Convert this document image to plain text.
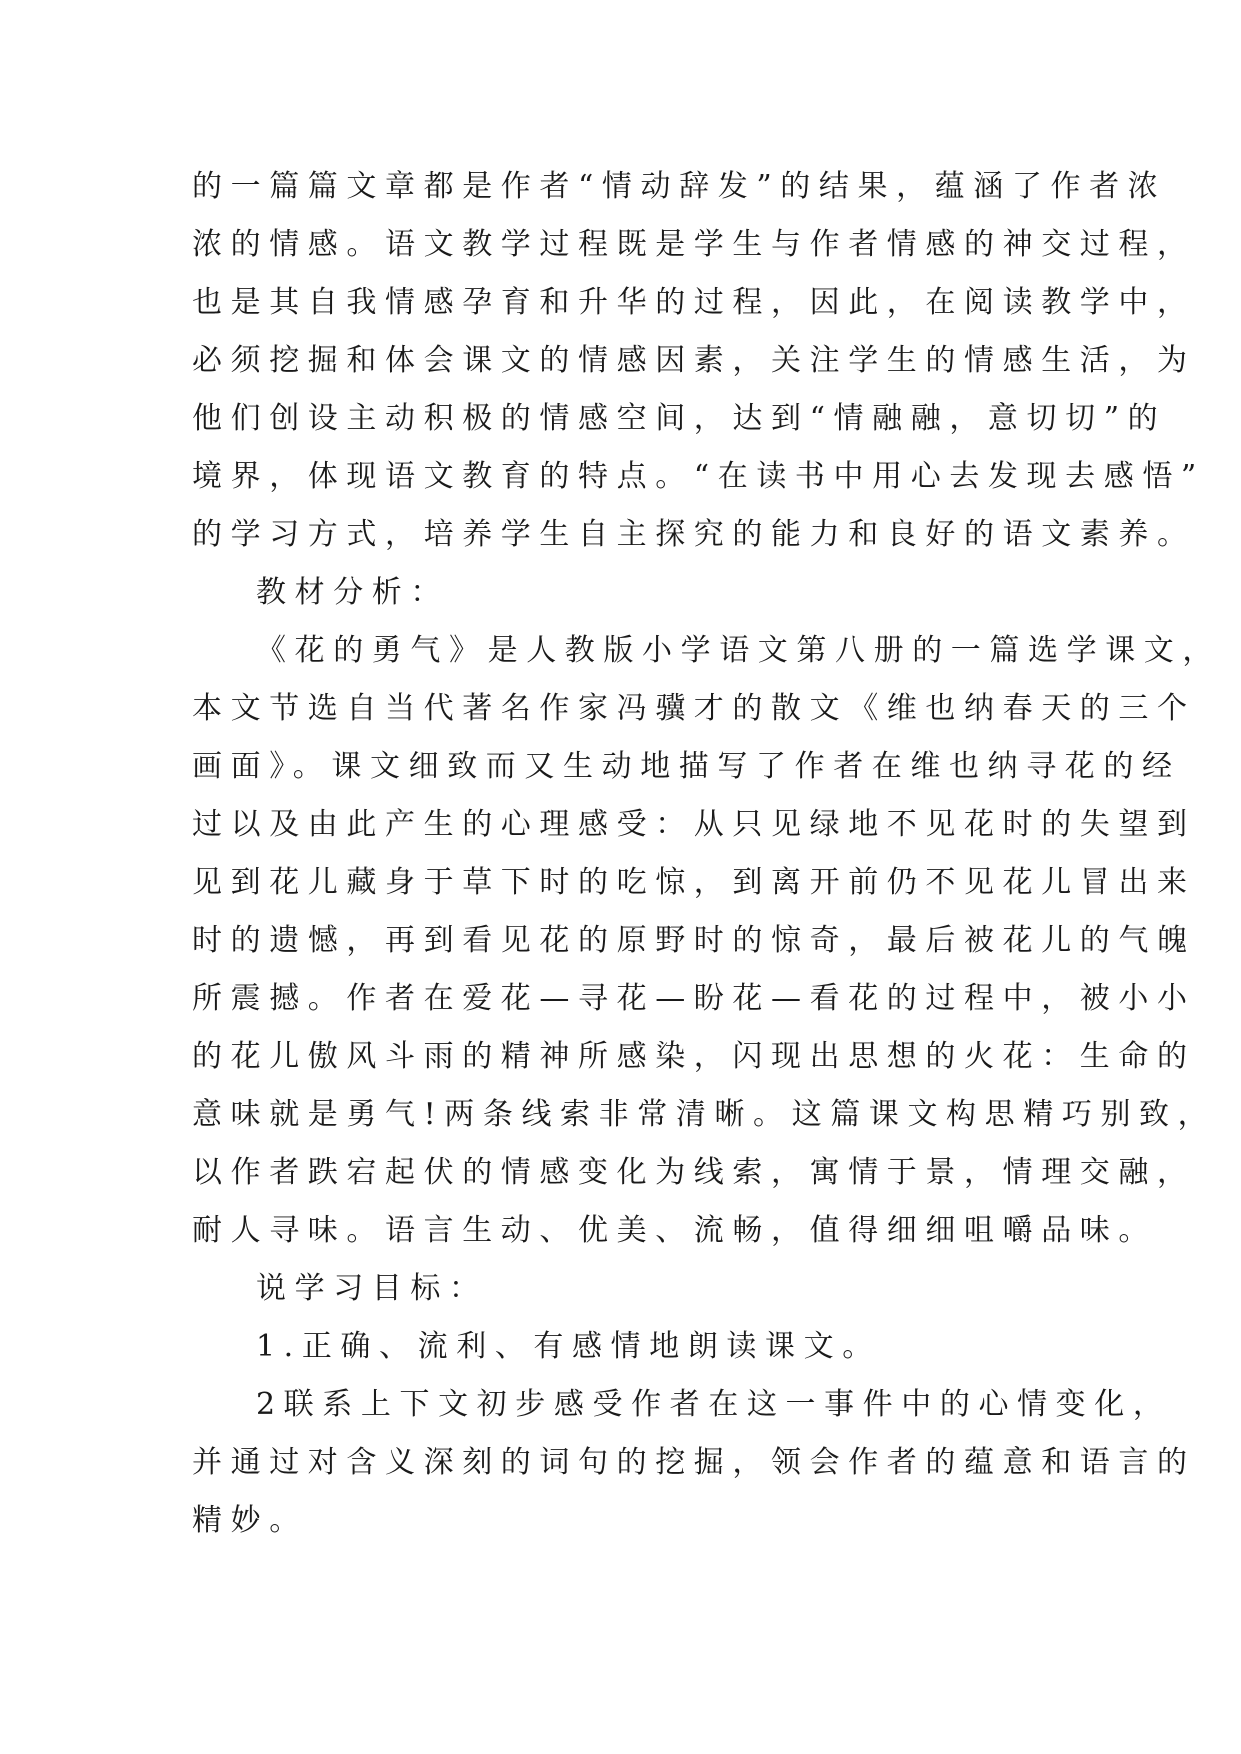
的一篇篇文章都是作者“情动辞发”的结果，蕴涵了作者浓
浓的情感。语文教学过程既是学生与作者情感的神交过程，
也是其自我情感孕育和升华的过程，因此，在阅读教学中，
必须挖掘和体会课文的情感因素，关注学生的情感生活，为
他们创设主动积极的情感空间，达到“情融融，意切切”的
境界，体现语文教育的特点。“在读书中用心去发现去感悟”
的学习方式，培养学生自主探究的能力和良好的语文素养。
教材分析：
《花的勇气》是人教版小学语文第八册的一篇选学课文，
本文节选自当代著名作家冯骥才的散文《维也纳春天的三个
画面》。课文细致而又生动地描写了作者在维也纳寻花的经
过以及由此产生的心理感受：从只见绿地不见花时的失望到
见到花儿藏身于草下时的吃惊，到离开前仍不见花儿冒出来
时的遗憾，再到看见花的原野时的惊奇，最后被花儿的气魄
所震撼。作者在爱花—寻花—盼花—看花的过程中，被小小
的花儿傲风斗雨的精神所感染，闪现出思想的火花：生命的
意味就是勇气!两条线索非常清晰。这篇课文构思精巧别致，
以作者跌宕起伏的情感变化为线索，寓情于景，情理交融，
耐人寻味。语言生动、优美、流畅，值得细细咀嚼品味。
说学习目标：
1.正确、流利、有感情地朗读课文。
2联系上下文初步感受作者在这一事件中的心情变化，
并通过对含义深刻的词句的挖掘，领会作者的蕴意和语言的
精妙。
